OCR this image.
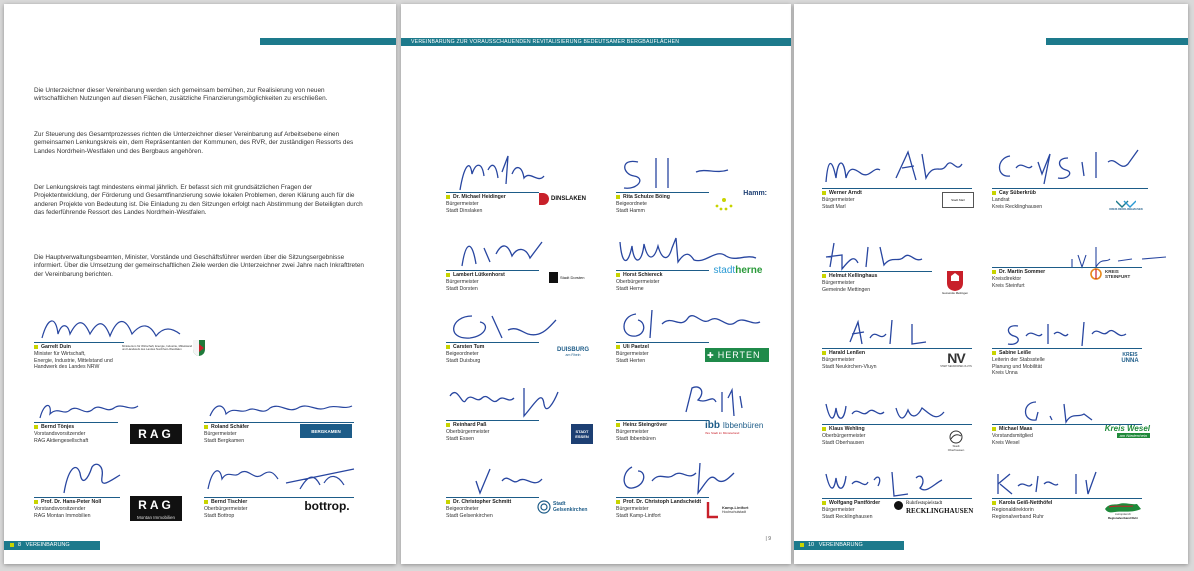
Die Unterzeichner dieser Vereinbarung werden sich gemeinsam bemühen, zur Realisierung von neuen wirtschaftlichen Nutzungen auf diesen Flächen, zusätzliche Finanzierungsmöglichkeiten zu erschließen.

Zur Steuerung des Gesamtprozesses richten die Unterzeichner dieser Vereinbarung auf Arbeitsebene einen gemeinsamen Lenkungskreis ein, dem Repräsentanten der Kommunen, des RVR, der zuständigen Ressorts des Landes Nordrhein-Westfalen und des Bergbaus angehören.

Der Lenkungskreis tagt mindestens einmal jährlich. Er befasst sich mit grundsätzlichen Fragen der Projektentwicklung, der Förderung und Gesamtfinanzierung sowie lokalen Problemen, deren Klärung auch für die anderen Projekte von Bedeutung ist. Die Einladung zu den Sitzungen erfolgt nach Abstimmung der Beteiligten durch das federführende Ressort des Landes Nordrhein-Westfalen.

Die Hauptverwaltungsbeamten, Minister, Vorstände und Geschäftsführer werden über die Sitzungsergebnisse informiert. Über die Umsetzung der gemeinschaftlichen Ziele werden die Unterzeichner zwei Jahre nach Inkrafttreten der Vereinbarung berichten.

Garrelt Duin
Minister für Wirtschaft,
Energie, Industrie, Mittelstand und
Handwerk des Landes NRW
Ministerium für Wirtschaft, Energie, Industrie, Mittelstand und Handwerk des Landes Nordrhein-Westfalen
Bernd Tönjes
Vorstandsvorsitzender
RAG Aktiengesellschaft	RAG	Roland Schäfer
Bürgermeister
Stadt Bergkamen
BERGKAMEN
Prof. Dr. Hans-Peter Noll
Vorstandsvorsitzender
RAG Montan Immobilien
RAG
Montan Immobilien
Bernd Tischler
Oberbürgermeister
Stadt Bottrop
bottrop.
8 VEREINBARUNG
VEREINBARUNG ZUR VORAUSSCHAUENDEN REVITALISIERUNG BEDEUTSAMER BERGBAUFLÄCHEN
Dr. Michael Heidinger
Bürgermeister
Stadt Dinslaken
DINSLAKEN
Lambert Lütkenhorst
Bürgermeister
Stadt Dorsten
Stadt Dorsten
Carsten Tum
Beigeordneter
Stadt Duisburg
DUISBURG
am Rhein
Reinhard Paß
Oberbürgermeister
Stadt Essen
STADT
ESSEN
Dr. Christopher Schmitt
Beigeordneter
Stadt Gelsenkirchen
Stadt
Gelsenkirchen
Rita Schulze Böing
Beigeordnete
Stadt Hamm
Hamm:
Horst Schiereck
Oberbürgermeister
Stadt Herne
stadt herne
Uli Paetzel
Bürgermeister
Stadt Herten
✚ HERTEN
Heinz Steingröver
Bürgermeister
Stadt Ibbenbüren
ibb Ibbenbüren
Ihre Stadt im Münsterland
Prof. Dr. Christoph Landscheidt
Bürgermeister
Stadt Kamp-Lintfort
Kamp-Lintfort
Hochschulstadt
| 9
Werner Arndt
Bürgermeister
Stadt Marl
Stadt Marl
Helmut Kellinghaus
Bürgermeister
Gemeinde Mettingen
Gemeinde Mettingen
Harald Lenßen
Bürgermeister
Stadt Neukirchen-Vluyn
NV
STADT NEUKIRCHEN-VLUYN
Klaus Wehling
Oberbürgermeister
Stadt Oberhausen
Stadt
Oberhausen
Wolfgang Pantförder
Bürgermeister
Stadt Recklinghausen
Ruhrfestspielstadt
RECKLINGHAUSEN
Cay Süberkrüb
Landrat
Kreis Recklinghausen	KREIS RECKLINGHAUSEN
Dr. Martin Sommer
Kreisdirektor
Kreis Steinfurt
KREIS
STEINFURT
Sabine Leiße
Leiterin der Stabsstelle
Planung und Mobilität
Kreis Unna
KREIS
UNNA
Michael Maas
Vorstandsmitglied
Kreis Wesel
Kreis Wesel
am Niederrhein
Karola Geiß-Netthöfel
Regionaldirektorin
Regionalverband Ruhr	metropoleruhr
Regionalverband Ruhr
10 VEREINBARUNG
